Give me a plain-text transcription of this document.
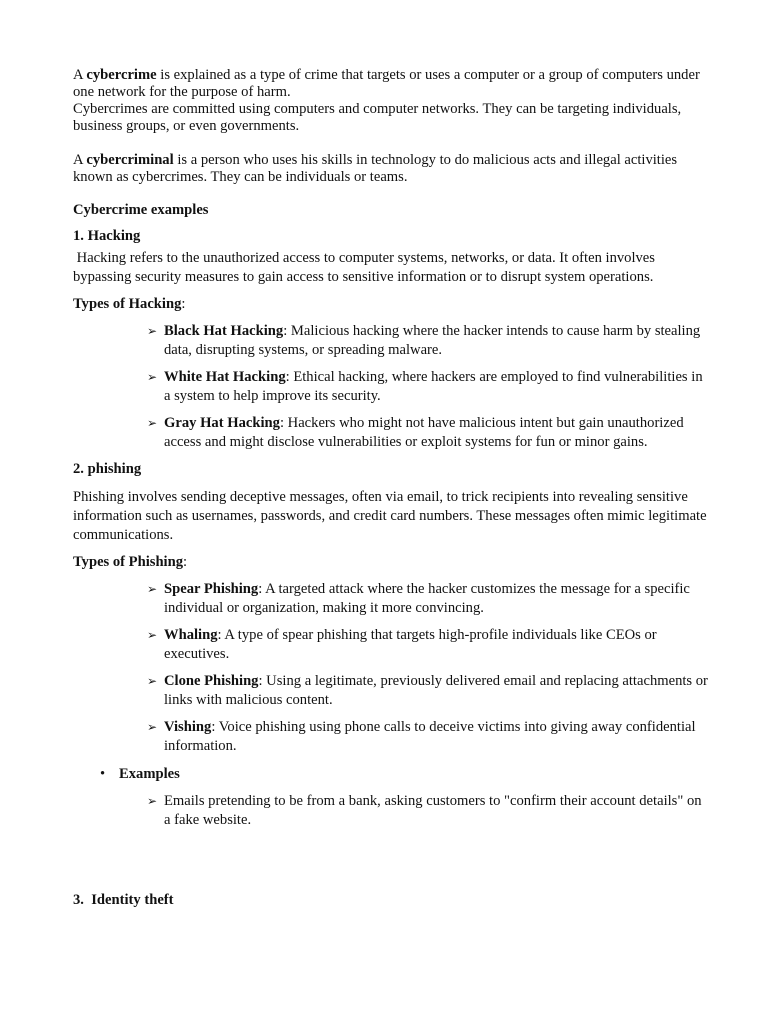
A cybercrime is explained as a type of crime that targets or uses a computer or a group of computers under one network for the purpose of harm.

Cybercrimes are committed using computers and computer networks. They can be targeting individuals, business groups, or even governments.

A cybercriminal is a person who uses his skills in technology to do malicious acts and illegal activities known as cybercrimes. They can be individuals or teams.

Cybercrime examples

1. Hacking

Hacking refers to the unauthorized access to computer systems, networks, or data. It often involves bypassing security measures to gain access to sensitive information or to disrupt system operations.

Types of Hacking:

➢ Black Hat Hacking: Malicious hacking where the hacker intends to cause harm by stealing data, disrupting systems, or spreading malware.
➢ White Hat Hacking: Ethical hacking, where hackers are employed to find vulnerabilities in a system to help improve its security.
➢ Gray Hat Hacking: Hackers who might not have malicious intent but gain unauthorized access and might disclose vulnerabilities or exploit systems for fun or minor gains.

2. phishing

Phishing involves sending deceptive messages, often via email, to trick recipients into revealing sensitive information such as usernames, passwords, and credit card numbers. These messages often mimic legitimate communications.

Types of Phishing:

➢ Spear Phishing: A targeted attack where the hacker customizes the message for a specific individual or organization, making it more convincing.
➢ Whaling: A type of spear phishing that targets high-profile individuals like CEOs or executives.
➢ Clone Phishing: Using a legitimate, previously delivered email and replacing attachments or links with malicious content.
➢ Vishing: Voice phishing using phone calls to deceive victims into giving away confidential information.
• Examples
➢ Emails pretending to be from a bank, asking customers to "confirm their account details" on a fake website.

3.  Identity theft
